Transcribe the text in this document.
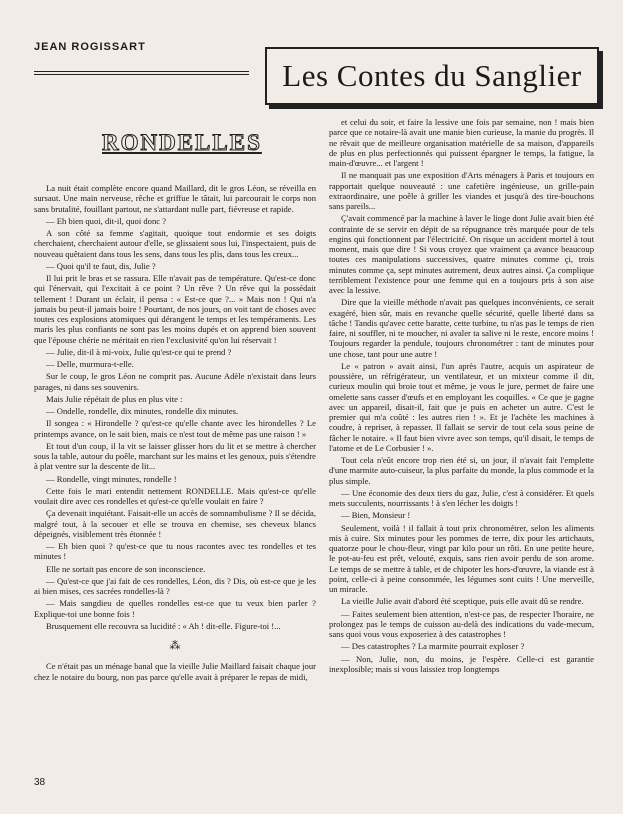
JEAN ROGISSART
Les Contes du Sanglier
RONDELLES

La nuit était complète encore quand Maillard, dit le gros Léon, se réveilla en sursaut. Une main nerveuse, rêche et griffue le tâtait, lui parcourait le corps non sans brutalité, fouillant partout, ne s'attardant nulle part, fiévreuse et rapide.

— Eh bien quoi, dit-il, quoi donc ?

A son côté sa femme s'agitait, quoique tout endormie et ses doigts cherchaient, cherchaient autour d'elle, se glissaient sous lui, l'inspectaient, puis de nouveau quêtaient dans tous les sens, dans tous les plis, dans tous les creux...

— Quoi qu'il te faut, dis, Julie ?

Il lui prit le bras et se rassura. Elle n'avait pas de température. Qu'est-ce donc qui l'énervait, qui l'excitait à ce point ? Un rêve ? Un rêve qui la possédait tellement ! Durant un éclair, il pensa : « Est-ce que ?... » Mais non ! Qui n'a jamais bu peut-il jamais boire ! Pourtant, de nos jours, on voit tant de choses avec toutes ces explosions atomiques qui dérangent le temps et les tempéraments. Les maris les plus confiants ne sont pas les moins dupés et on apprend bien souvent que l'épouse chérie ne méritait en rien l'exclusivité qu'on lui réservait !

— Julie, dit-il à mi-voix, Julie qu'est-ce qui te prend ?

— Delle, murmura-t-elle.

Sur le coup, le gros Léon ne comprit pas. Aucune Adèle n'existait dans leurs parages, ni dans ses souvenirs.

Mais Julie répétait de plus en plus vite :

— Ondelle, rondelle, dix minutes, rondelle dix minutes.

Il songea : « Hirondelle ? qu'est-ce qu'elle chante avec les hirondelles ? Le printemps avance, on le sait bien, mais ce n'est tout de même pas une raison ! »

Et tout d'un coup, il la vit se laisser glisser hors du lit et se mettre à chercher sous la table, autour du poêle, marchant sur les mains et les genoux, puis s'étendre à plat ventre sur la descente de lit...

— Rondelle, vingt minutes, rondelle !

Cette fois le mari entendit nettement RONDELLE. Mais qu'est-ce qu'elle voulait dire avec ces rondelles et qu'est-ce qu'elle voulait en faire ?

Ça devenait inquiétant. Faisait-elle un accès de somnambulisme ? Il se décida, malgré tout, à la secouer et elle se trouva en chemise, ses cheveux blancs dépeignés, visiblement très étonnée !

— Eh bien quoi ? qu'est-ce que tu nous racontes avec tes rondelles et tes minutes !

Elle ne sortait pas encore de son inconscience.

— Qu'est-ce que j'ai fait de ces rondelles, Léon, dis ? Dis, où est-ce que je les ai bien mises, ces sacrées rondelles-là ?

— Mais sangdieu de quelles rondelles est-ce que tu veux bien parler ? Explique-toi une bonne fois !

Brusquement elle recouvra sa lucidité : « Ah ! dit-elle. Figure-toi !...

⁂

Ce n'était pas un ménage banal que la vieille Julie Maillard faisait chaque jour chez le notaire du bourg, non pas parce qu'elle avait à préparer le repas de midi,

et celui du soir, et faire la lessive une fois par semaine, non ! mais bien parce que ce notaire-là avait une manie bien curieuse, la manie du progrès. Il ne rêvait que de meilleure organisation matérielle de sa maison, d'appareils de plus en plus perfectionnés qui puissent épargner le temps, la fatigue, la main-d'œuvre... et l'argent !

Il ne manquait pas une exposition d'Arts ménagers à Paris et toujours en rapportait quelque nouveauté : une cafetière ingénieuse, un grille-pain extraordinaire, une poêle à griller les viandes et jusqu'à des tire-bouchons sans pareils...

Ç'avait commencé par la machine à laver le linge dont Julie avait bien été contrainte de se servir en dépit de sa répugnance très marquée pour de tels engins qui fonctionnent par l'électricité. On risque un accident mortel à tout moment, mais que dire ! Si vous croyez que vraiment ça avance beaucoup toutes ces manipulations successives, quatre minutes comme çi, trois minutes comme ça, sept minutes autrement, deux autres ainsi. Ça complique terriblement l'existence pour une femme qui en a toujours pris à son aise avec la lessive.

Dire que la vieille méthode n'avait pas quelques inconvénients, ce serait exagéré, bien sûr, mais en revanche quelle sécurité, quelle liberté dans sa tâche ! Tandis qu'avec cette baratte, cette turbine, tu n'as pas le temps de rien faire, ni souffler, ni te moucher, ni avaler ta salive ni le reste, encore moins ! Toujours regarder la pendule, toujours chronométrer : tant de minutes pour une chose, tant pour une autre !

Le « patron » avait ainsi, l'un après l'autre, acquis un aspirateur de poussière, un réfrigérateur, un ventilateur, et un mixteur comme il dit, curieux moulin qui broie tout et même, je vous le jure, permet de faire une omelette sans casser d'œufs et en employant les coquilles. « Ce que je gagne avec un appareil, disait-il, fait que je puis en acheter un autre. C'est le premier qui m'a coûté : les autres rien ! ». Et je l'achète les machines à coudre, à repriser, à repasser. Il fallait se servir de tout cela sous peine de fâcher le notaire. « Il faut bien vivre avec son temps, qu'il disait, le temps de l'atome et de Le Corbusier ! ».

Tout cela n'eût encore trop rien été si, un jour, il n'avait fait l'emplette d'une marmite auto-cuiseur, la plus parfaite du monde, la plus commode et la plus simple.

— Une économie des deux tiers du gaz, Julie, c'est à considérer. Et quels mets succulents, nourrissants ! à s'en lécher les doigts !

— Bien, Monsieur !

Seulement, voilà ! il fallait à tout prix chronométrer, selon les aliments mis à cuire. Six minutes pour les pommes de terre, dix pour les artichauts, quatorze pour le chou-fleur, vingt par kilo pour un rôti. En une petite heure, le pot-au-feu est prêt, velouté, exquis, sans rien avoir perdu de son arome. Le temps de se mettre à table, et de chipoter les hors-d'œuvre, la viande est à point, celle-ci à peine consommée, les légumes sont cuits ! Une merveille, un miracle.

La vieille Julie avait d'abord été sceptique, puis elle avait dû se rendre.

— Faites seulement bien attention, n'est-ce pas, de respecter l'horaire, ne prolongez pas le temps de cuisson au-delà des indications du vade-mecum, sans quoi vous vous exposeriez à des catastrophes !

— Des catastrophes ? La marmite pourrait exploser ?

— Non, Julie, non, du moins, je l'espère. Celle-ci est garantie inexplosible; mais si vous laissiez trop longtemps

38
